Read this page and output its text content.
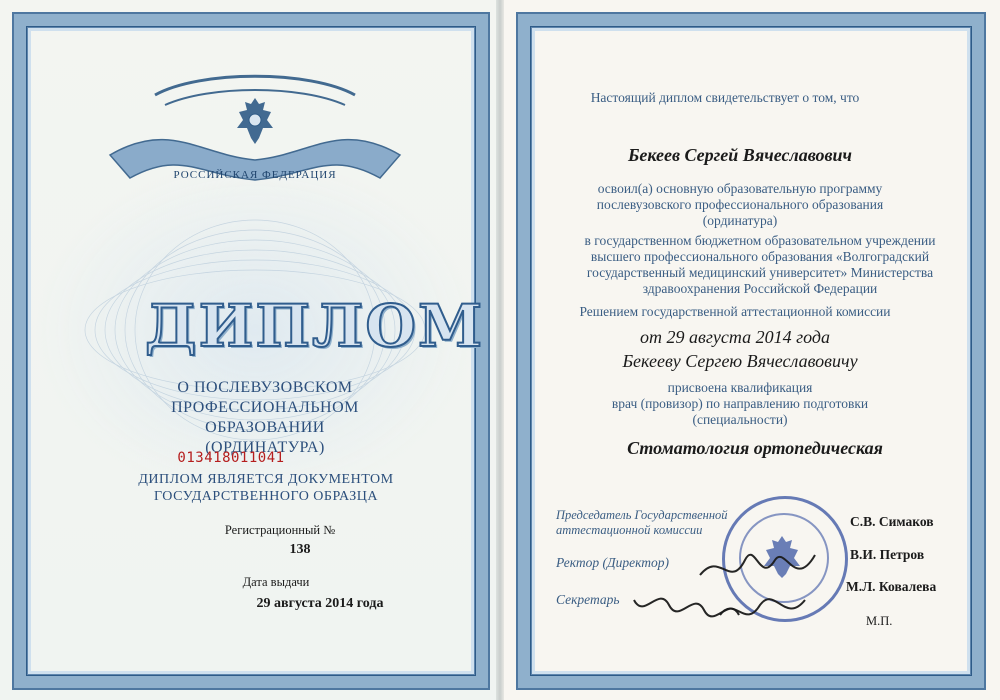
РОССИЙСКАЯ ФЕДЕРАЦИЯ
ДИПЛОМ
О ПОСЛЕВУЗОВСКОМ
ПРОФЕССИОНАЛЬНОМ ОБРАЗОВАНИИ
(ОРДИНАТУРА)
013418011041
ДИПЛОМ ЯВЛЯЕТСЯ ДОКУМЕНТОМ
ГОСУДАРСТВЕННОГО ОБРАЗЦА
Регистрационный №
138
Дата выдачи
29 августа 2014 года
Настоящий диплом свидетельствует о том, что
Бекеев Сергей Вячеславович
освоил(а) основную образовательную программу
послевузовского профессионального образования
(ординатура)
в государственном бюджетном образовательном учреждении
высшего профессионального образования «Волгоградский
государственный медицинский университет» Министерства
здравоохранения Российской Федерации
Решением государственной аттестационной комиссии
от 29 августа 2014 года
Бекееву Сергею Вячеславовичу
присвоена квалификация
врач (провизор) по направлению подготовки
(специальности)
Стоматология ортопедическая
Председатель Государственной
аттестационной комиссии
Ректор (Директор)
Секретарь
С.В. Симаков
В.И. Петров
М.Л. Ковалева
М.П.
